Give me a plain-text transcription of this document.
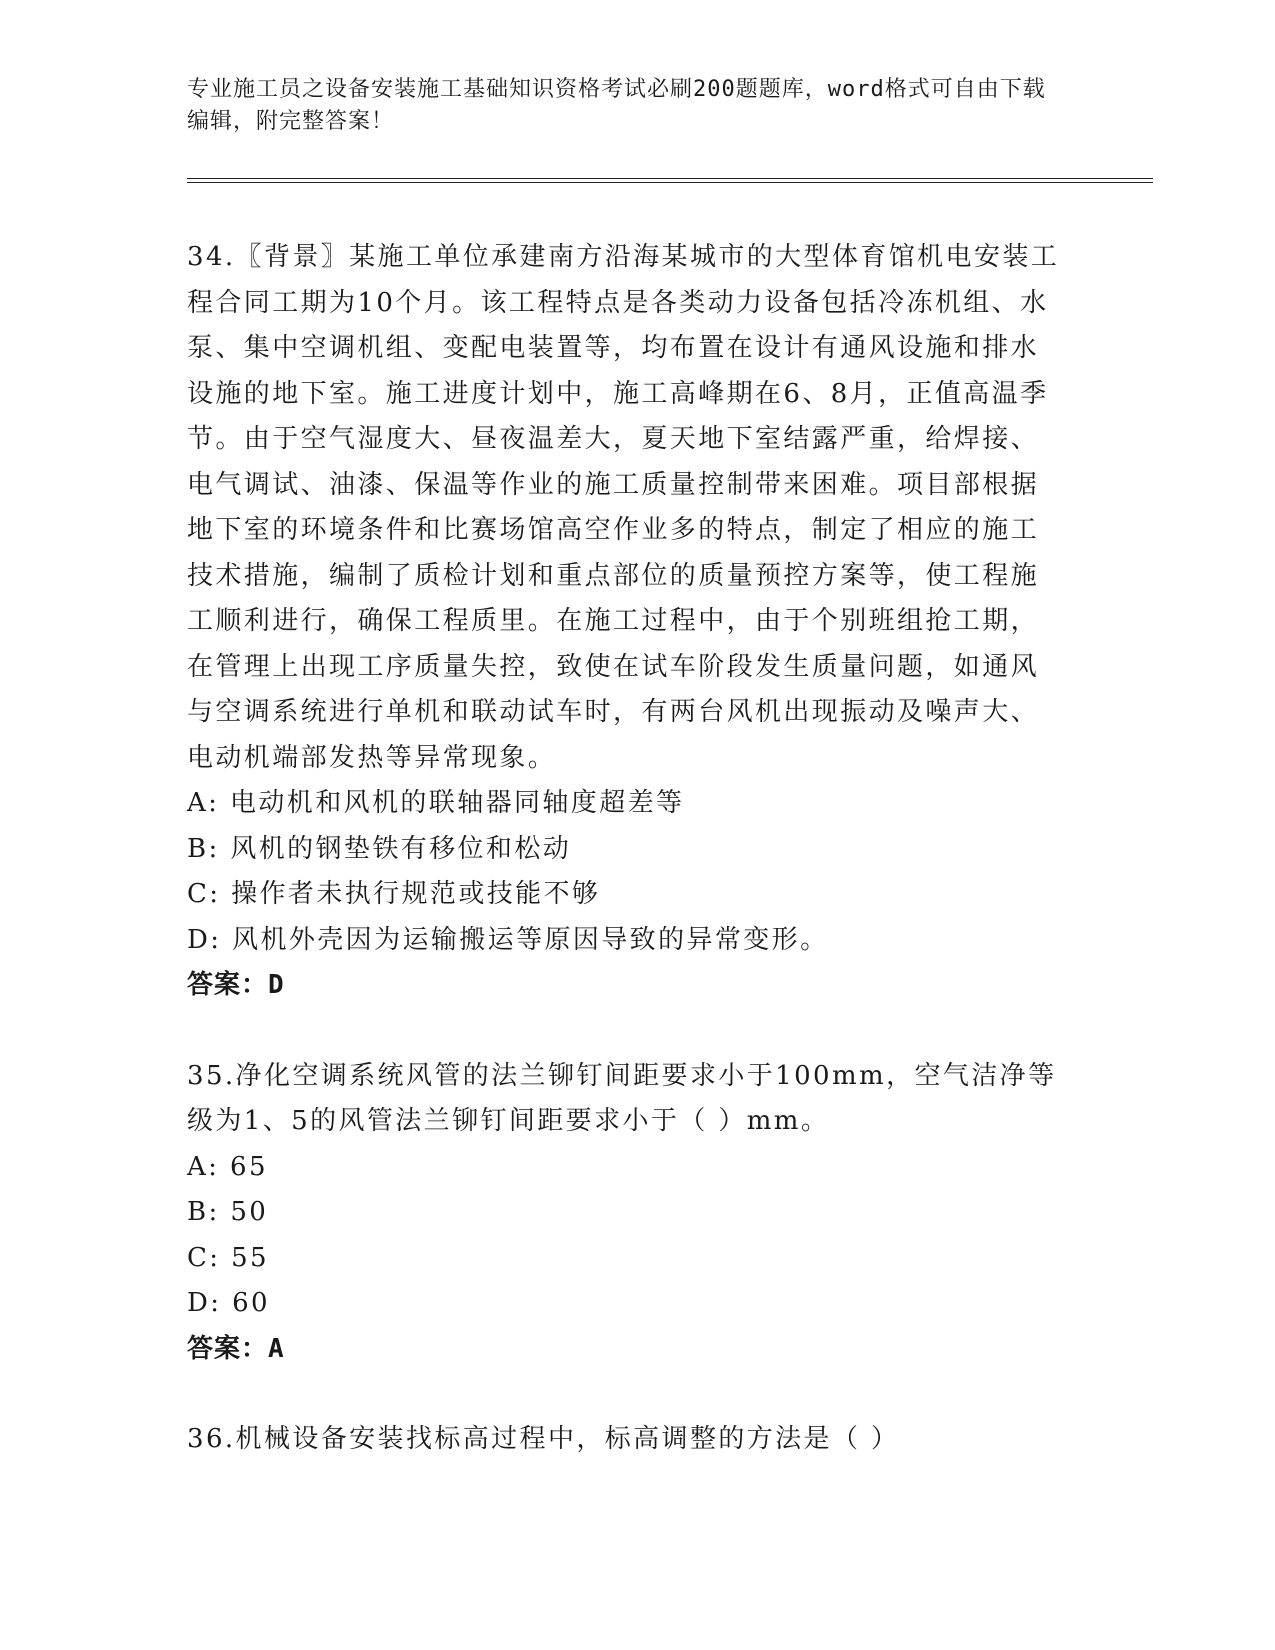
专业施工员之设备安装施工基础知识资格考试必刷200题题库，word格式可自由下载编辑，附完整答案！

34.〖背景〗某施工单位承建南方沿海某城市的大型体育馆机电安装工程合同工期为10个月。该工程特点是各类动力设备包括冷冻机组、水泵、集中空调机组、变配电装置等，均布置在设计有通风设施和排水设施的地下室。施工进度计划中，施工高峰期在6、8月，正值高温季节。由于空气湿度大、昼夜温差大，夏天地下室结露严重，给焊接、电气调试、油漆、保温等作业的施工质量控制带来困难。项目部根据地下室的环境条件和比赛场馆高空作业多的特点，制定了相应的施工技术措施，编制了质检计划和重点部位的质量预控方案等，使工程施工顺利进行，确保工程质里。在施工过程中，由于个别班组抢工期，在管理上出现工序质量失控，致使在试车阶段发生质量问题，如通风与空调系统进行单机和联动试车时，有两台风机出现振动及噪声大、电动机端部发热等异常现象。

A: 电动机和风机的联轴器同轴度超差等

B: 风机的钢垫铁有移位和松动

C: 操作者未执行规范或技能不够

D: 风机外壳因为运输搬运等原因导致的异常变形。

答案：D

35.净化空调系统风管的法兰铆钉间距要求小于100mm，空气洁净等级为1、5的风管法兰铆钉间距要求小于（ ）mm。

A: 65

B: 50

C: 55

D: 60

答案：A

36.机械设备安装找标高过程中，标高调整的方法是（ ）
